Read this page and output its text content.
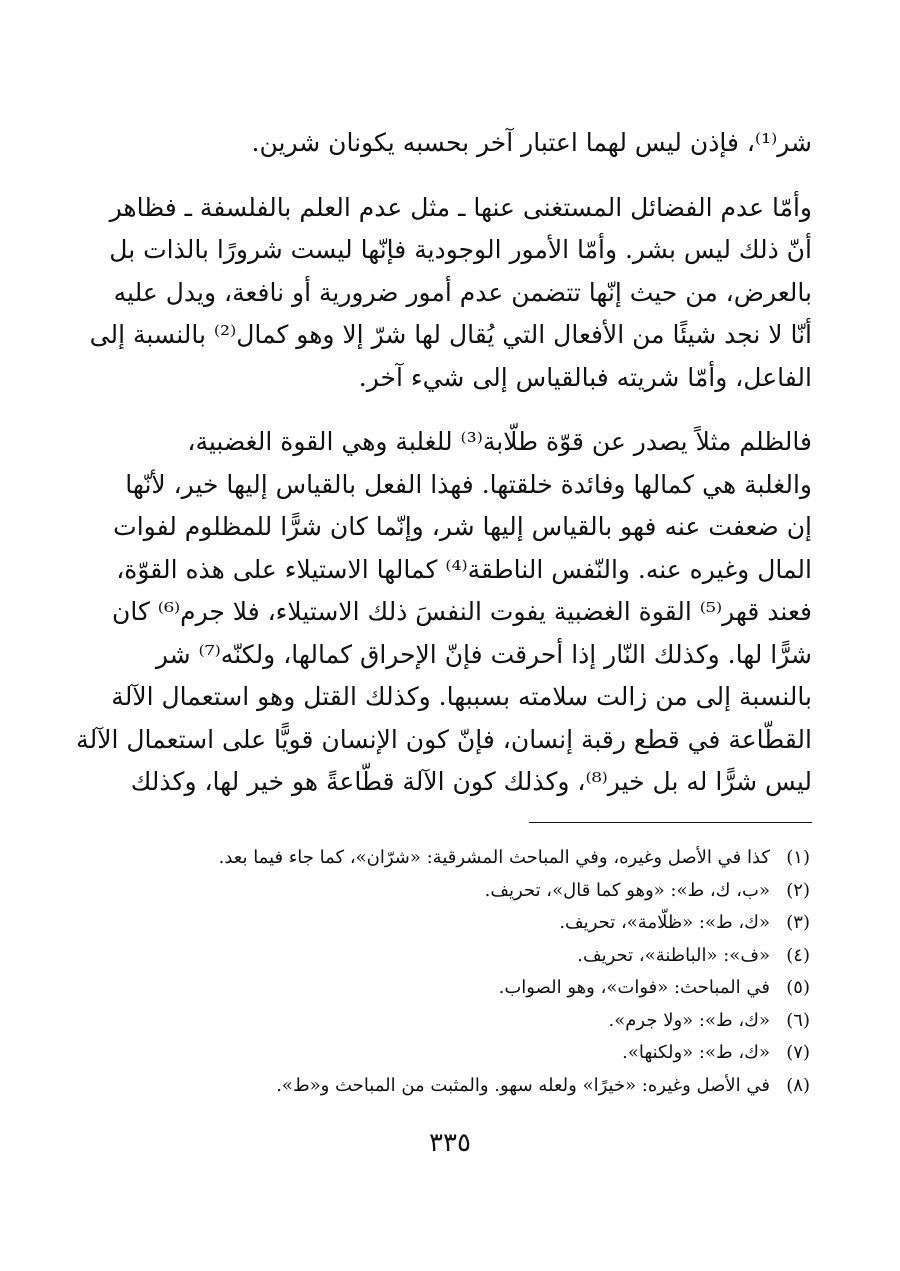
شر⁽¹⁾، فإذن ليس لهما اعتبار آخر بحسبه يكونان شرين.
وأمّا عدم الفضائل المستغنى عنها ـ مثل عدم العلم بالفلسفة ـ فظاهر
أنّ ذلك ليس بشر. وأمّا الأمور الوجودية فإنّها ليست شرورًا بالذات بل
بالعرض، من حيث إنّها تتضمن عدم أمور ضرورية أو نافعة، ويدل عليه
أنّا لا نجد شيئًا من الأفعال التي يُقال لها شرّ إلا وهو كمال⁽²⁾ بالنسبة إلى
الفاعل، وأمّا شريته فبالقياس إلى شيء آخر.
فالظلم مثلاً يصدر عن قوّة طلّابة⁽³⁾ للغلبة وهي القوة الغضبية،
والغلبة هي كمالها وفائدة خلقتها. فهذا الفعل بالقياس إليها خير، لأنّها
إن ضعفت عنه فهو بالقياس إليها شر، وإنّما كان شرًّا للمظلوم لفوات
المال وغيره عنه. والنّفس الناطقة⁽⁴⁾ كمالها الاستيلاء على هذه القوّة،
فعند قهر⁽⁵⁾ القوة الغضبية يفوت النفسَ ذلك الاستيلاء، فلا جرم⁽⁶⁾ كان
شرًّا لها. وكذلك النّار إذا أحرقت فإنّ الإحراق كمالها، ولكنّه⁽⁷⁾ شر
بالنسبة إلى من زالت سلامته بسببها. وكذلك القتل وهو استعمال الآلة
القطّاعة في قطع رقبة إنسان، فإنّ كون الإنسان قويًّا على استعمال الآلة
ليس شرًّا له بل خير⁽⁸⁾، وكذلك كون الآلة قطّاعةً هو خير لها، وكذلك
(١)
كذا في الأصل وغيره، وفي المباحث المشرقية: «شرّان»، كما جاء فيما بعد.
(٢)
«ب، ك، ط»: «وهو كما قال»، تحريف.
(٣)
«ك، ط»: «ظلّامة»، تحريف.
(٤)
«ف»: «الباطنة»، تحريف.
(٥)
في المباحث: «فوات»، وهو الصواب.
(٦)
«ك، ط»: «ولا جرم».
(٧)
«ك، ط»: «ولكنها».
(٨)
في الأصل وغيره: «خيرًا» ولعله سهو. والمثبت من المباحث و«ط».
٣٣٥
